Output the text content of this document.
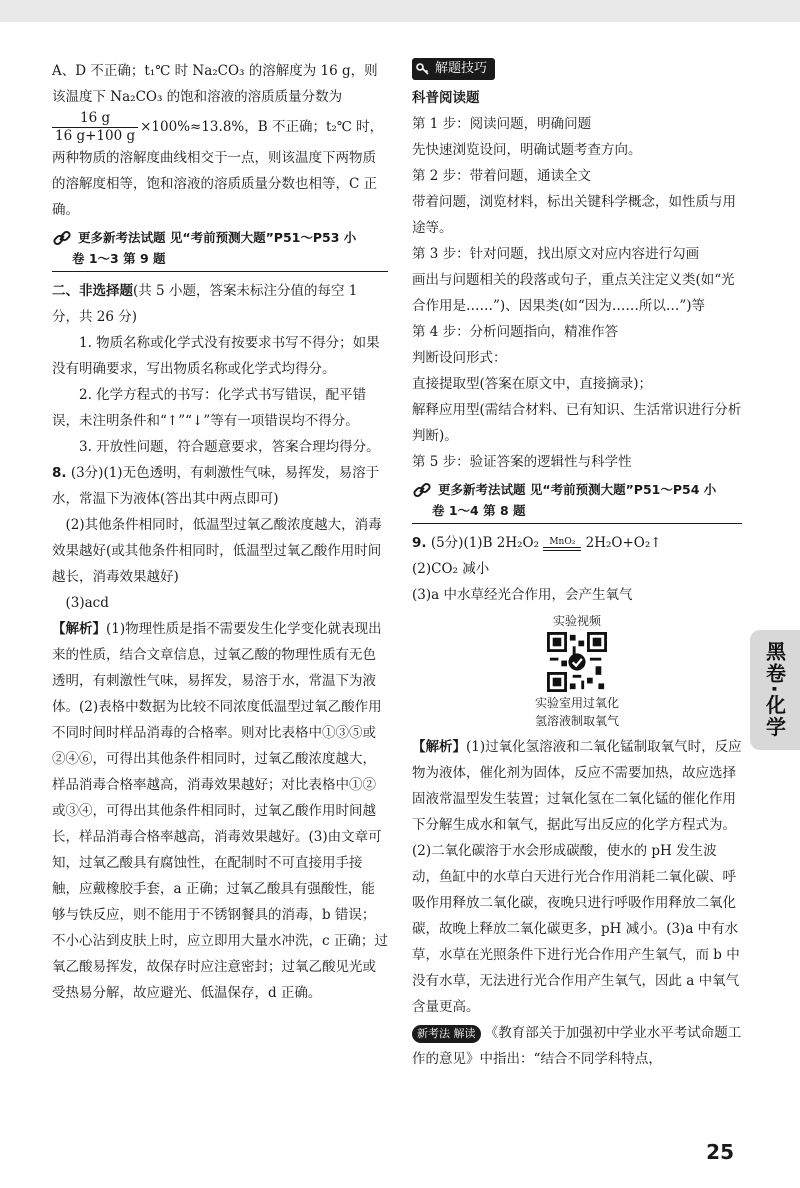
A、D 不正确；t₁℃ 时 Na₂CO₃ 的溶解度为 16 g，则该温度下 Na₂CO₃ 的饱和溶液的溶质质量分数为

$\frac{16 g}{16 g+100 g} \times 100\%\approx 13.8\%$，B 不正确；t₂℃ 时，两种物质的溶解度曲线相交于一点，则该温度下两物质的溶解度相等，饱和溶液的溶质质量分数也相等，C 正确。

更多新考法试题 见“考前预测大题”P51～P53 小
卷 1～3 第 9 题

二、非选择题(共 5 小题，答案未标注分值的每空 1 分，共 26 分)

1. 物质名称或化学式没有按要求书写不得分；如果没有明确要求，写出物质名称或化学式均得分。

2. 化学方程式的书写：化学式书写错误，配平错误，未注明条件和“↑”“↓”等有一项错误均不得分。

3. 开放性问题，符合题意要求，答案合理均得分。

8. (3分)(1)无色透明，有刺激性气味，易挥发，易溶于水，常温下为液体(答出其中两点即可)

(2)其他条件相同时，低温型过氧乙酸浓度越大，消毒效果越好(或其他条件相同时，低温型过氧乙酸作用时间越长，消毒效果越好)

(3)acd

【解析】(1)物理性质是指不需要发生化学变化就表现出来的性质，结合文章信息，过氧乙酸的物理性质有无色透明，有刺激性气味，易挥发，易溶于水，常温下为液体。(2)表格中数据为比较不同浓度低温型过氧乙酸作用不同时间时样品消毒的合格率。则对比表格中①③⑤或②④⑥，可得出其他条件相同时，过氧乙酸浓度越大，样品消毒合格率越高，消毒效果越好；对比表格中①②或③④，可得出其他条件相同时，过氧乙酸作用时间越长，样品消毒合格率越高，消毒效果越好。(3)由文章可知，过氧乙酸具有腐蚀性，在配制时不可直接用手接触，应戴橡胶手套，a 正确；过氧乙酸具有强酸性，能够与铁反应，则不能用于不锈钢餐具的消毒，b 错误；不小心沾到皮肤上时，应立即用大量水冲洗，c 正确；过氧乙酸易挥发，故保存时应注意密封；过氧乙酸见光或受热易分解，故应避光、低温保存，d 正确。

解题技巧

科普阅读题

第 1 步：阅读问题，明确问题

先快速浏览设问，明确试题考查方向。

第 2 步：带着问题，通读全文

带着问题，浏览材料，标出关键科学概念，如性质与用途等。

第 3 步：针对问题，找出原文对应内容进行勾画

画出与问题相关的段落或句子，重点关注定义类(如“光合作用是……”)、因果类(如“因为……所以…”)等

第 4 步：分析问题指向，精准作答

判断设问形式：

直接提取型(答案在原文中，直接摘录)；

解释应用型(需结合材料、已有知识、生活常识进行分析判断)。

第 5 步：验证答案的逻辑性与科学性

更多新考法试题 见“考前预测大题”P51～P54 小
卷 1～4 第 8 题

9. (5分)(1)B 2H₂O₂	MnO₂ 2H₂O+O₂↑

(2)CO₂ 减小

(3)a 中水草经光合作用，会产生氧气

实验视频
实验室用过氧化
氢溶液制取氧气

【解析】(1)过氧化氢溶液和二氧化锰制取氧气时，反应物为液体，催化剂为固体，反应不需要加热，故应选择固液常温型发生装置；过氧化氢在二氧化锰的催化作用下分解生成水和氧气，据此写出反应的化学方程式为。(2)二氧化碳溶于水会形成碳酸，使水的 pH 发生波动，鱼缸中的水草白天进行光合作用消耗二氧化碳、呼吸作用释放二氧化碳，夜晚只进行呼吸作用释放二氧化碳，故晚上释放二氧化碳更多，pH 减小。(3)a 中有水草，水草在光照条件下进行光合作用产生氧气，而 b 中没有水草，无法进行光合作用产生氧气，因此 a 中氧气含量更高。

新考法 解读 《教育部关于加强初中学业水平考试命题工作的意见》中指出：“结合不同学科特点，

黑卷·化学
25
